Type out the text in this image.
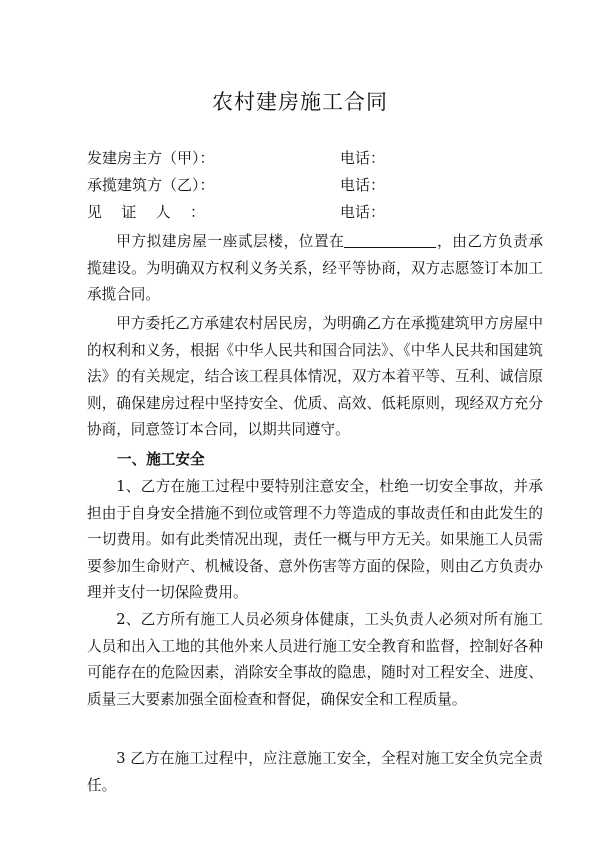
农村建房施工合同
发建房主方（甲）：	电话：
承揽建筑方（乙）：	电话：
见证人：	电话：

甲方拟建房屋一座贰层楼，位置在	，由乙方负责承揽建设。为明确双方权利义务关系，经平等协商，双方志愿签订本加工承揽合同。

甲方委托乙方承建农村居民房，为明确乙方在承揽建筑甲方房屋中的权利和义务，根据《中华人民共和国合同法》、《中华人民共和国建筑法》的有关规定，结合该工程具体情况，双方本着平等、互利、诚信原则，确保建房过程中坚持安全、优质、高效、低耗原则，现经双方充分协商，同意签订本合同，以期共同遵守。

一、施工安全

1、乙方在施工过程中要特别注意安全，杜绝一切安全事故，并承担由于自身安全措施不到位或管理不力等造成的事故责任和由此发生的一切费用。如有此类情况出现，责任一概与甲方无关。如果施工人员需要参加生命财产、机械设备、意外伤害等方面的保险，则由乙方负责办理并支付一切保险费用。

2、乙方所有施工人员必须身体健康，工头负责人必须对所有施工人员和出入工地的其他外来人员进行施工安全教育和监督，控制好各种可能存在的危险因素，消除安全事故的隐患，随时对工程安全、进度、质量三大要素加强全面检查和督促，确保安全和工程质量。

3 乙方在施工过程中，应注意施工安全，全程对施工安全负完全责任。
